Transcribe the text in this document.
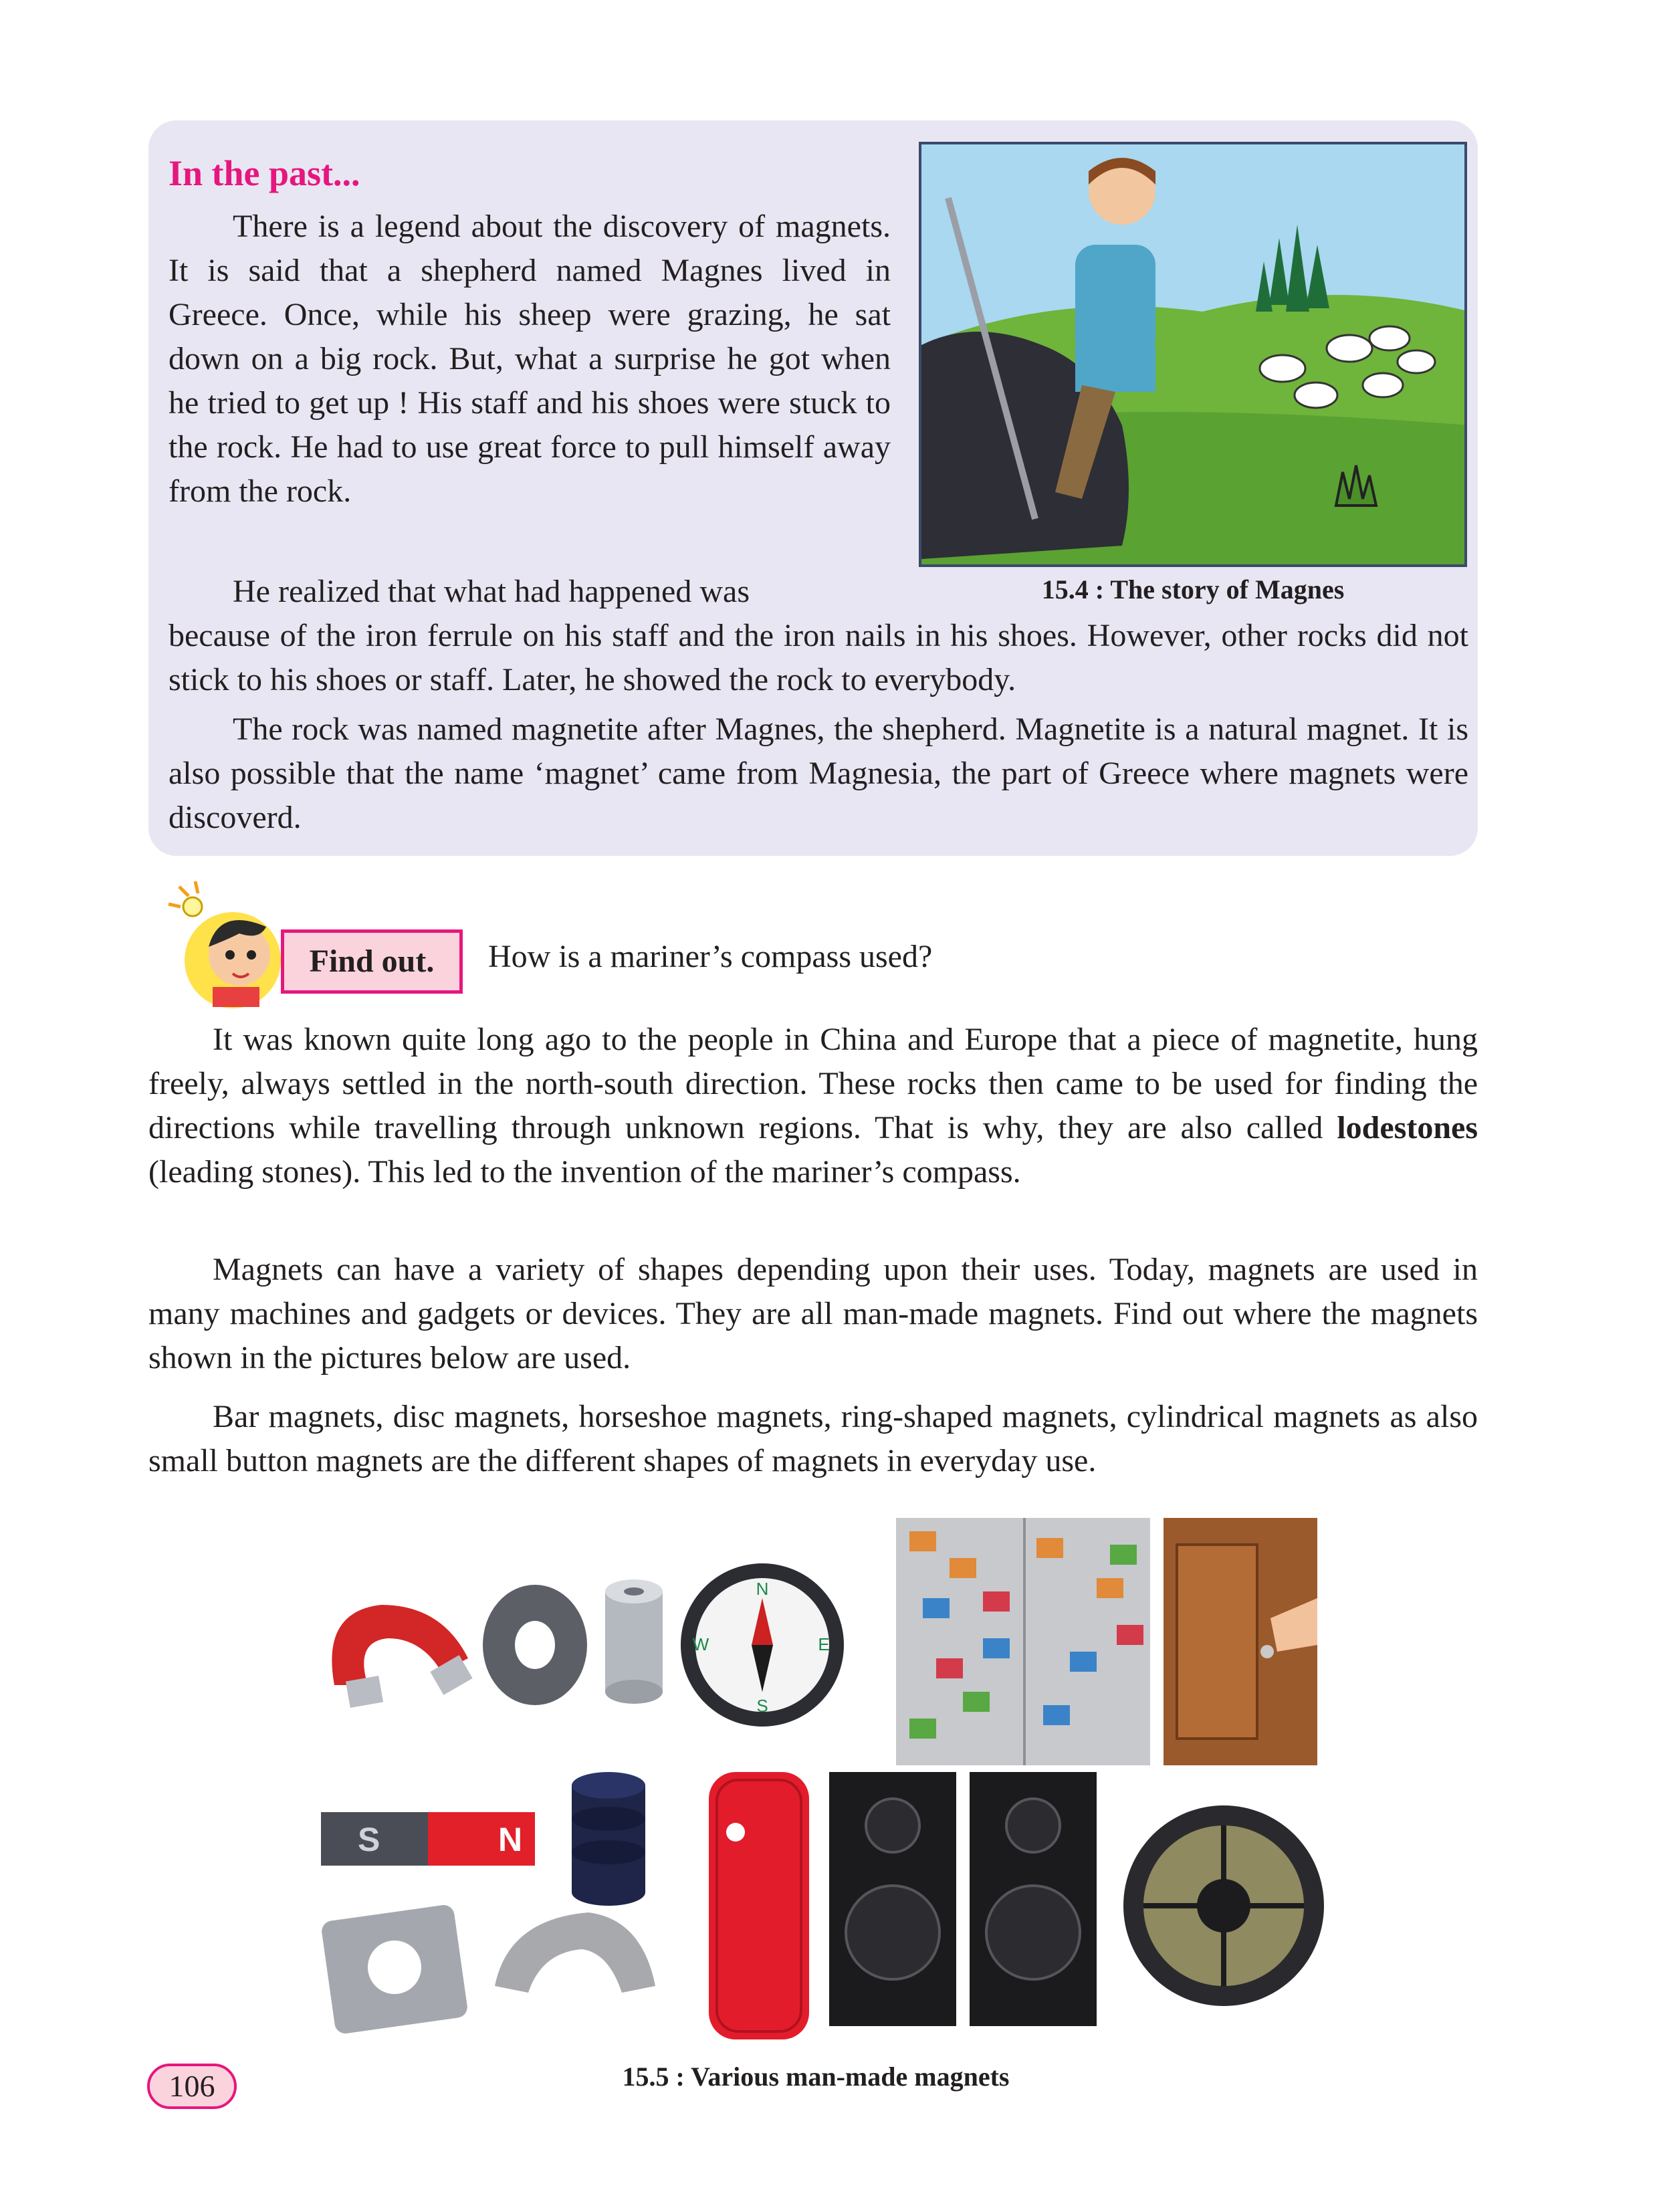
In the past...

There is a legend about the discovery of magnets. It is said that a shepherd named Magnes lived in Greece. Once, while his sheep were grazing, he sat down on a big rock. But, what a surprise he got when he tried to get up ! His staff and his shoes were stuck to the rock. He had to use great force to pull himself away from the rock.

He realized that what had happened was

because of the iron ferrule on his staff and the iron nails in his shoes. However, other rocks did not stick to his shoes or staff. Later, he showed the rock to everybody.

The rock was named magnetite after Magnes, the shepherd. Magnetite is a natural magnet. It is also possible that the name ‘magnet’ came from Magnesia, the part of Greece where magnets were discoverd.

15.4 : The story of Magnes
Find out.	How is a mariner’s compass used?

It was known quite long ago to the people in China and Europe that a piece of magnetite, hung freely, always settled in the north-south direction. These rocks then came to be used for finding the directions while travelling through unknown regions. That is why, they are also called lodestones (leading stones). This led to the invention of the mariner’s compass.

Magnets can have a variety of shapes depending upon their uses. Today, magnets are used in many machines and gadgets or devices. They are all man-made magnets. Find out where the magnets shown in the pictures below are used.

Bar magnets, disc magnets, horseshoe magnets, ring-shaped magnets, cylindrical magnets as also small button magnets are the different shapes of magnets in everyday use.

N
S
E
W
S	N
15.5 : Various man-made magnets
106
